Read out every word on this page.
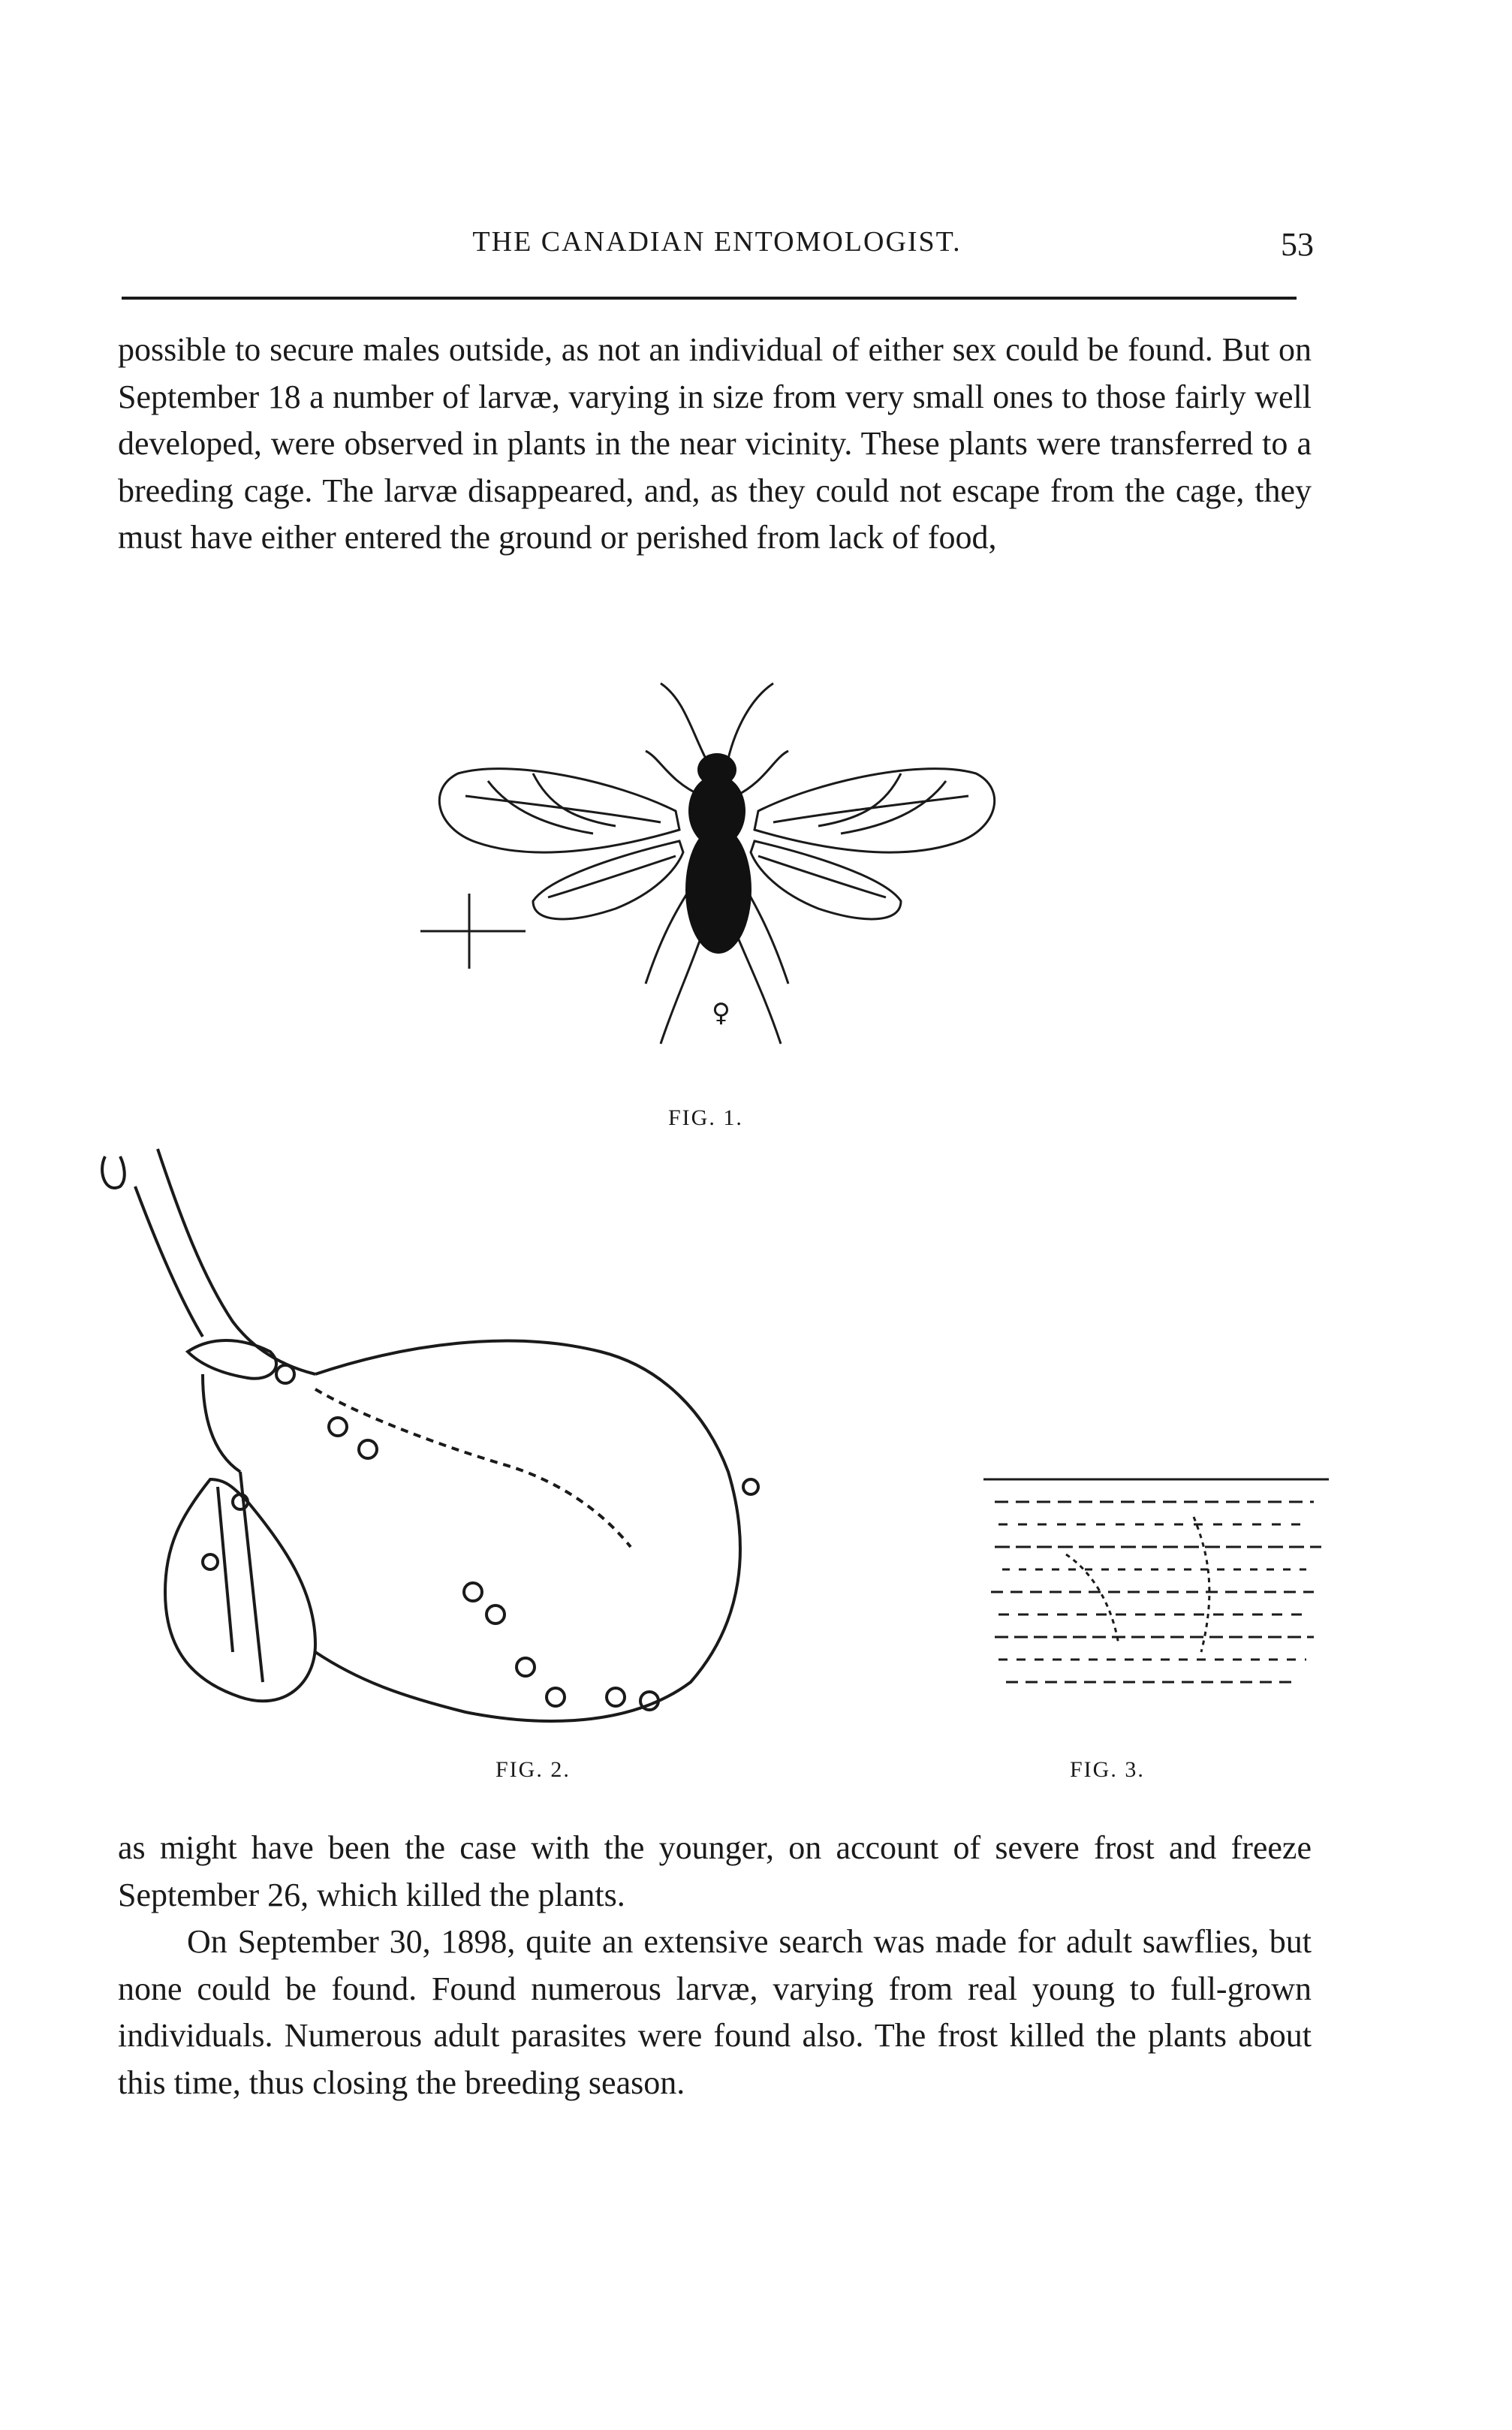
THE CANADIAN ENTOMOLOGIST.	53

possible to secure males outside, as not an individual of either sex could be found. But on September 18 a number of larvæ, varying in size from very small ones to those fairly well developed, were observed in plants in the near vicinity. These plants were transferred to a breeding cage. The larvæ disappeared, and, as they could not escape from the cage, they must have either entered the ground or perished from lack of food,

♀
FIG. 1.
FIG. 2.	FIG. 3.

as might have been the case with the younger, on account of severe frost and freeze September 26, which killed the plants.

On September 30, 1898, quite an extensive search was made for adult sawflies, but none could be found. Found numerous larvæ, varying from real young to full-grown individuals. Numerous adult parasites were found also. The frost killed the plants about this time, thus closing the breeding season.
